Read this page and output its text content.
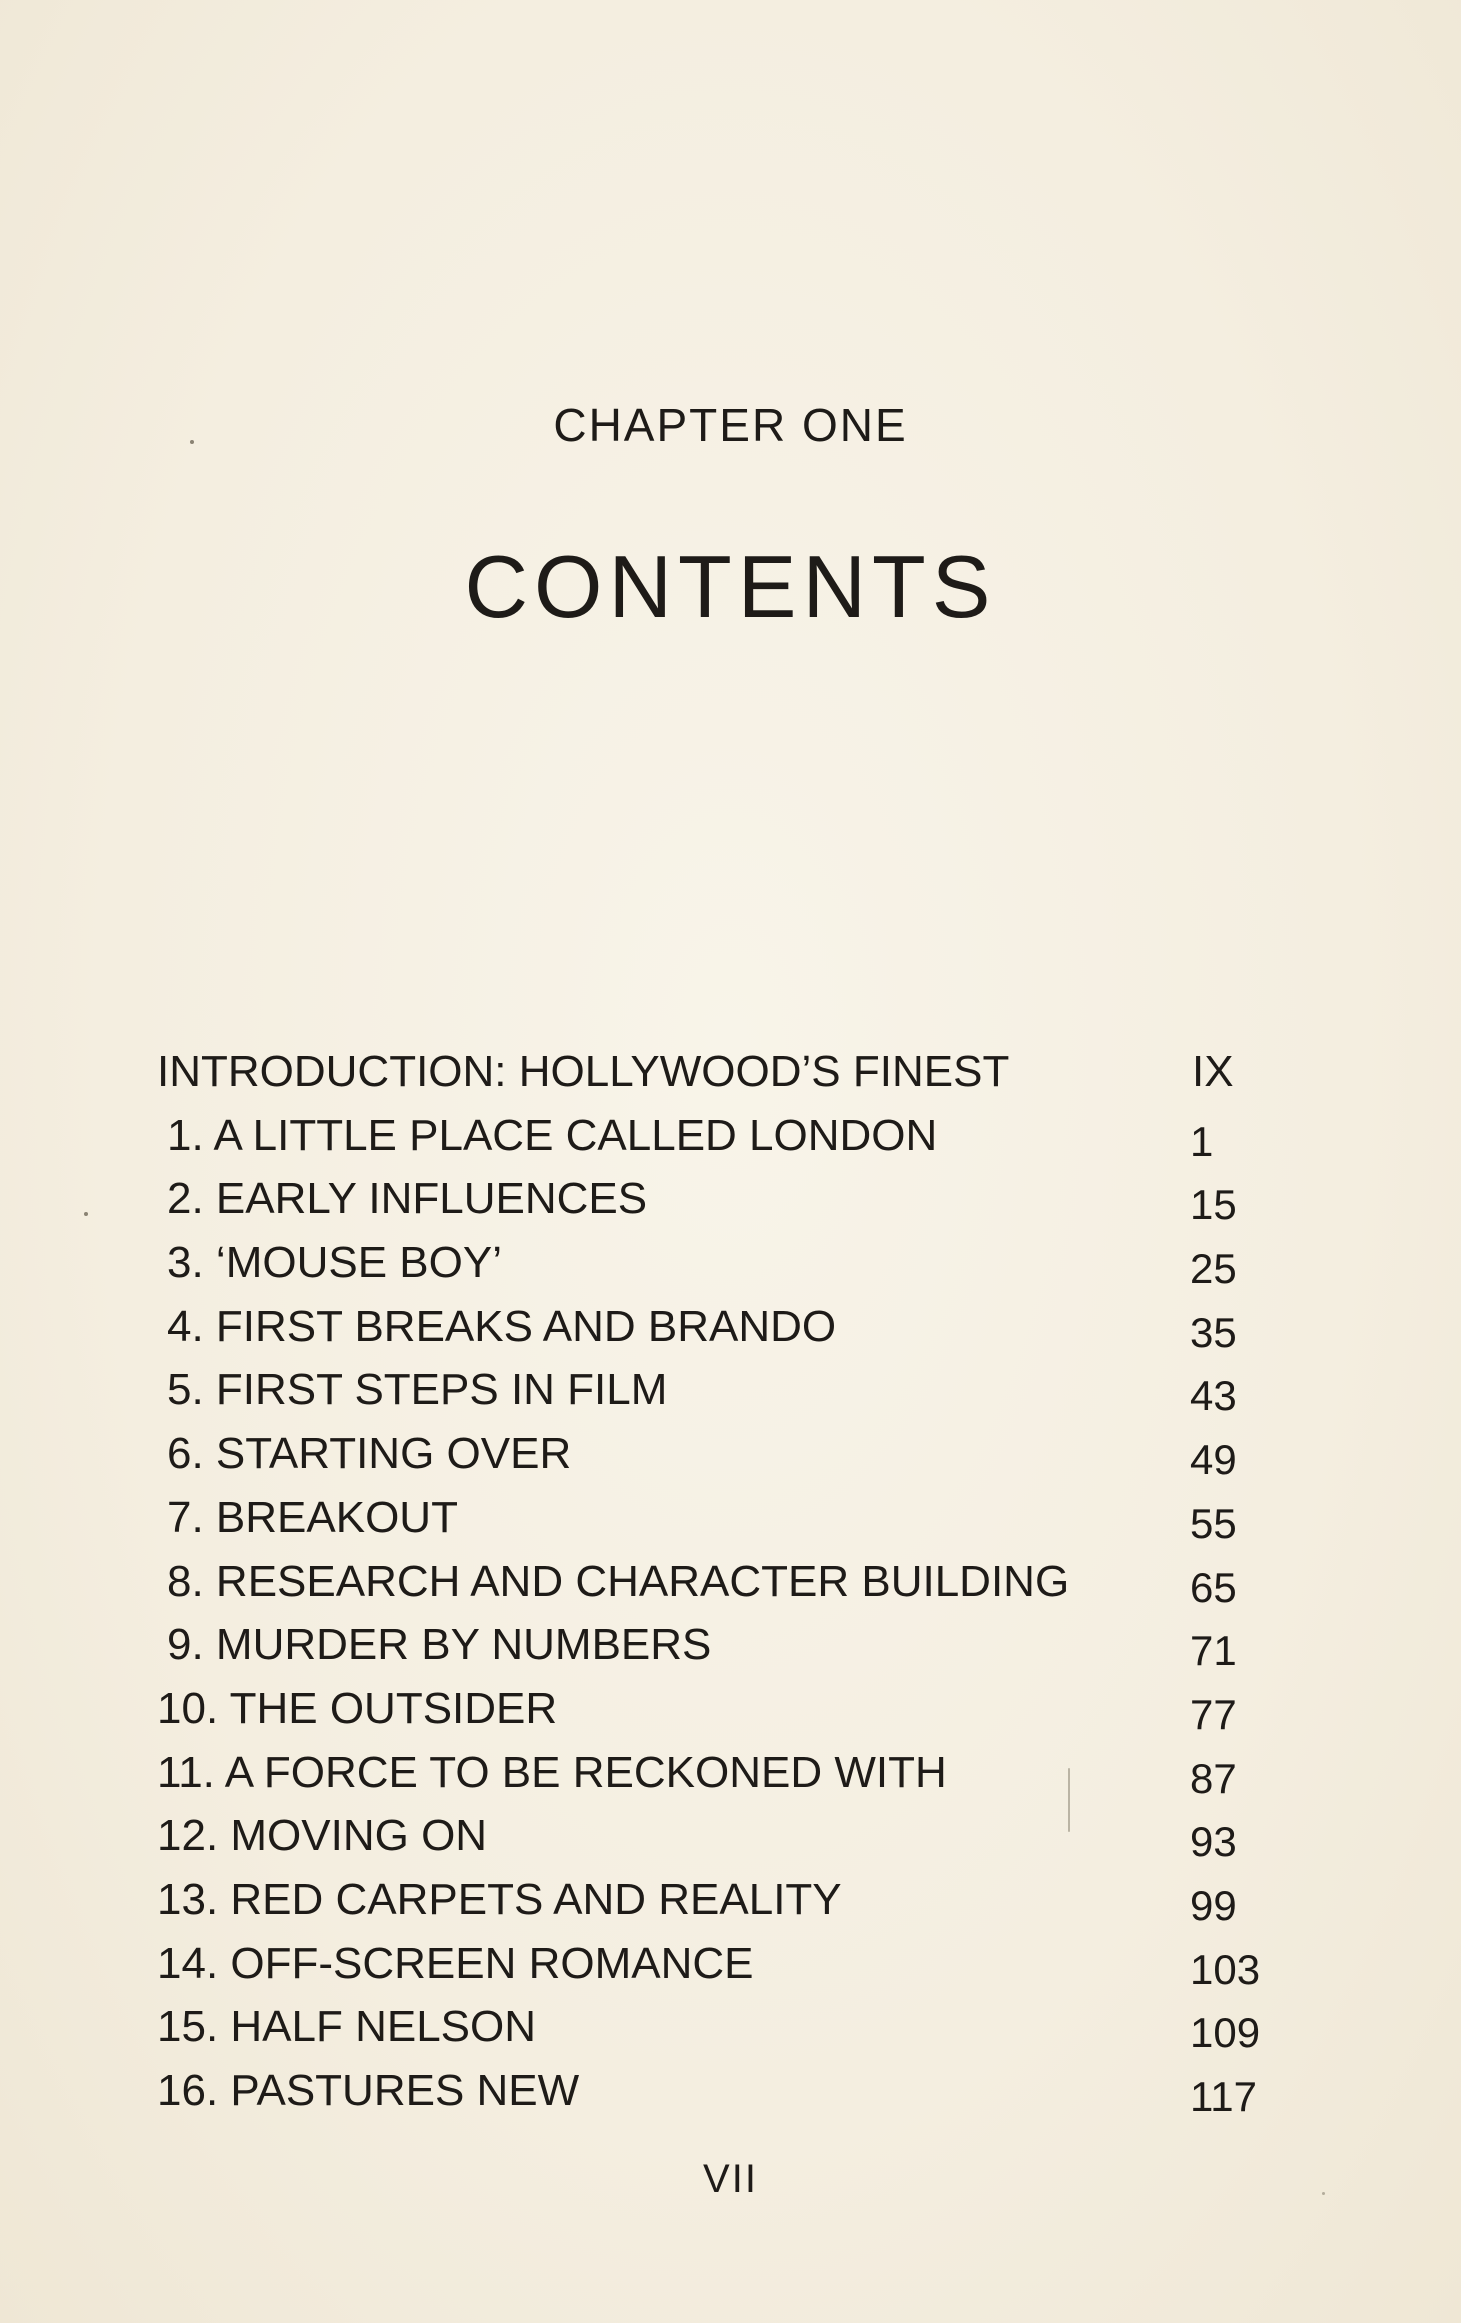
CHAPTER ONE
CONTENTS
INTRODUCTION: HOLLYWOOD’S FINEST	IX
1. A LITTLE PLACE CALLED LONDON	1
2. EARLY INFLUENCES	15
3. ‘MOUSE BOY’	25
4. FIRST BREAKS AND BRANDO	35
5. FIRST STEPS IN FILM	43
6. STARTING OVER	49
7. BREAKOUT	55
8. RESEARCH AND CHARACTER BUILDING	65
9. MURDER BY NUMBERS	71
10. THE OUTSIDER	77
11. A FORCE TO BE RECKONED WITH	87
12. MOVING ON	93
13. RED CARPETS AND REALITY	99
14. OFF-SCREEN ROMANCE	103
15. HALF NELSON	109
16. PASTURES NEW	117
VII
